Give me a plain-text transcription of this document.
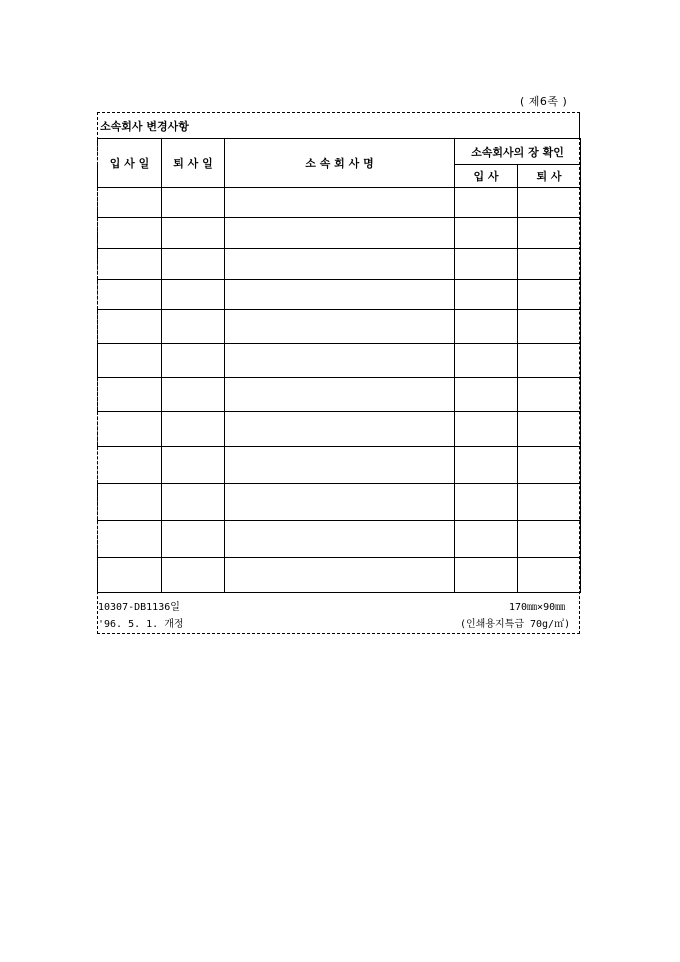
( 제6족 )
소속회사 변경사항
입 사 일	퇴 사 일	소 속 회 사 명	소속회사의 장 확인	
			입 사	퇴 사

10307-DB1136일	170㎜×90㎜
'96. 5. 1. 개정	(인쇄용지특급 70g/㎡)
